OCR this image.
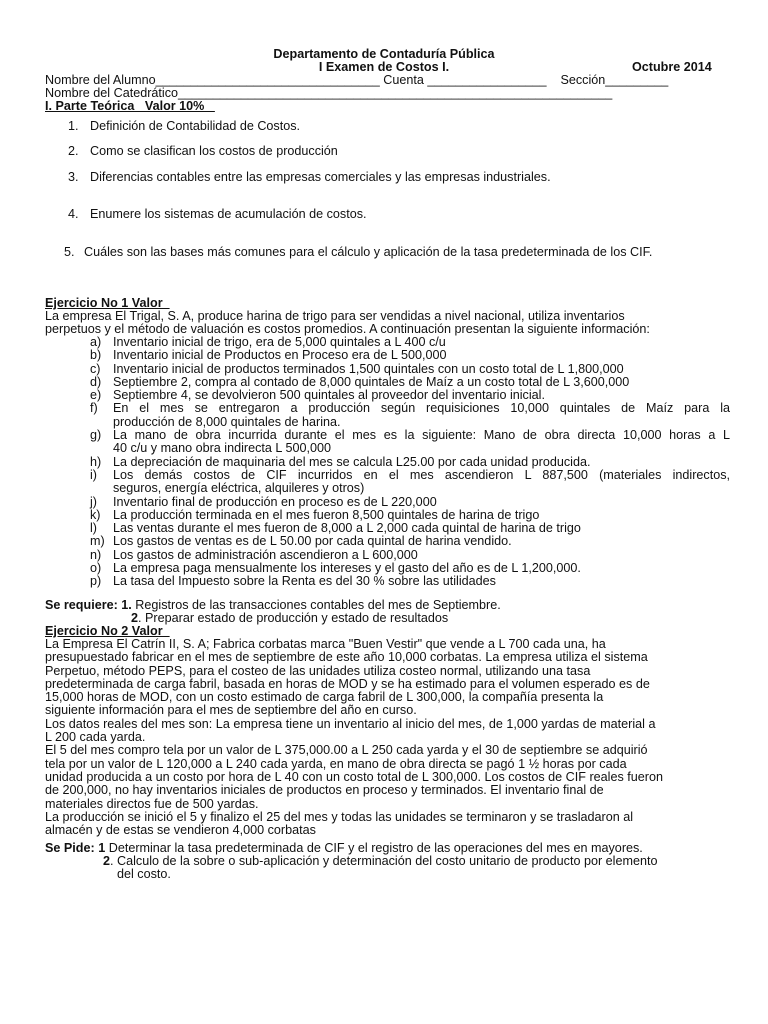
Departamento de Contaduría Pública
I Examen de Costos I.	Octubre 2014
Nombre del Alumno________________________________ Cuenta _________________ Sección_________
Nombre del Catedrático______________________________________________________________
I. Parte Teórica   Valor 10%
1. Definición de Contabilidad de Costos.
2. Como se clasifican los costos de producción
3. Diferencias contables entre las empresas comerciales y las empresas industriales.
4. Enumere los sistemas de acumulación de costos.
5. Cuáles son las bases más comunes para el cálculo y aplicación de la tasa predeterminada de los CIF.
Ejercicio No 1 Valor
La empresa El Trigal, S. A, produce harina de trigo para ser vendidas a nivel nacional, utiliza inventarios
perpetuos y el método de valuación es costos promedios. A continuación presentan la siguiente información:
a) Inventario inicial de trigo, era de 5,000 quintales a L 400 c/u
b) Inventario inicial de Productos en Proceso era de L 500,000
c) Inventario inicial de productos terminados 1,500 quintales con un costo total de L 1,800,000
d) Septiembre 2, compra al contado de 8,000 quintales de Maíz a un costo total de L 3,600,000
e) Septiembre 4, se devolvieron 500 quintales al proveedor del inventario inicial.
f)	En el mes se entregaron a producción según requisiciones 10,000 quintales de Maíz para la
producción de 8,000 quintales de harina.
g) La mano de obra incurrida durante el mes es la siguiente: Mano de obra directa 10,000 horas a L
40 c/u y mano obra indirecta L 500,000
h) La depreciación de maquinaria del mes se calcula L25.00 por cada unidad producida.
i)	Los demás costos de CIF incurridos en el mes ascendieron L 887,500 (materiales indirectos,
seguros, energía eléctrica, alquileres y otros)
j)	Inventario final de producción en proceso es de L 220,000
k) La producción terminada en el mes fueron 8,500 quintales de harina de trigo
l)	Las ventas durante el mes fueron de 8,000 a L 2,000 cada quintal de harina de trigo
m) Los gastos de ventas es de L 50.00 por cada quintal de harina vendido.
n) Los gastos de administración ascendieron a L 600,000
o) La empresa paga mensualmente los intereses y el gasto del año es de L 1,200,000.
p) La tasa del Impuesto sobre la Renta es del 30 % sobre las utilidades
Se requiere: 1. Registros de las transacciones contables del mes de Septiembre.
2. Preparar estado de producción y estado de resultados
Ejercicio No 2 Valor
La Empresa El Catrín II, S. A; Fabrica corbatas marca "Buen Vestir" que vende a L 700 cada una, ha
presupuestado fabricar en el mes de septiembre de este año 10,000 corbatas. La empresa utiliza el sistema
Perpetuo, método PEPS, para el costeo de las unidades utiliza costeo normal, utilizando una tasa
predeterminada de carga fabril, basada en horas de MOD y se ha estimado para el volumen esperado es de
15,000 horas de MOD, con un costo estimado de carga fabril de L 300,000, la compañía presenta la
siguiente información para el mes de septiembre del año en curso.
Los datos reales del mes son: La empresa tiene un inventario al inicio del mes, de 1,000 yardas de material a
L 200 cada yarda.
El 5 del mes compro tela por un valor de L 375,000.00 a L 250 cada yarda y el 30 de septiembre se adquirió
tela por un valor de L 120,000 a L 240 cada yarda, en mano de obra directa se pagó 1 ½ horas por cada
unidad producida a un costo por hora de L 40 con un costo total de L 300,000. Los costos de CIF reales fueron
de 200,000, no hay inventarios iniciales de productos en proceso y terminados. El inventario final de
materiales directos fue de 500 yardas.
La producción se inició el 5 y finalizo el 25 del mes y todas las unidades se terminaron y se trasladaron al
almacén y de estas se vendieron 4,000 corbatas
Se Pide: 1 Determinar la tasa predeterminada de CIF y el registro de las operaciones del mes en mayores.
2. Calculo de la sobre o sub-aplicación y determinación del costo unitario de producto por elemento
del costo.
